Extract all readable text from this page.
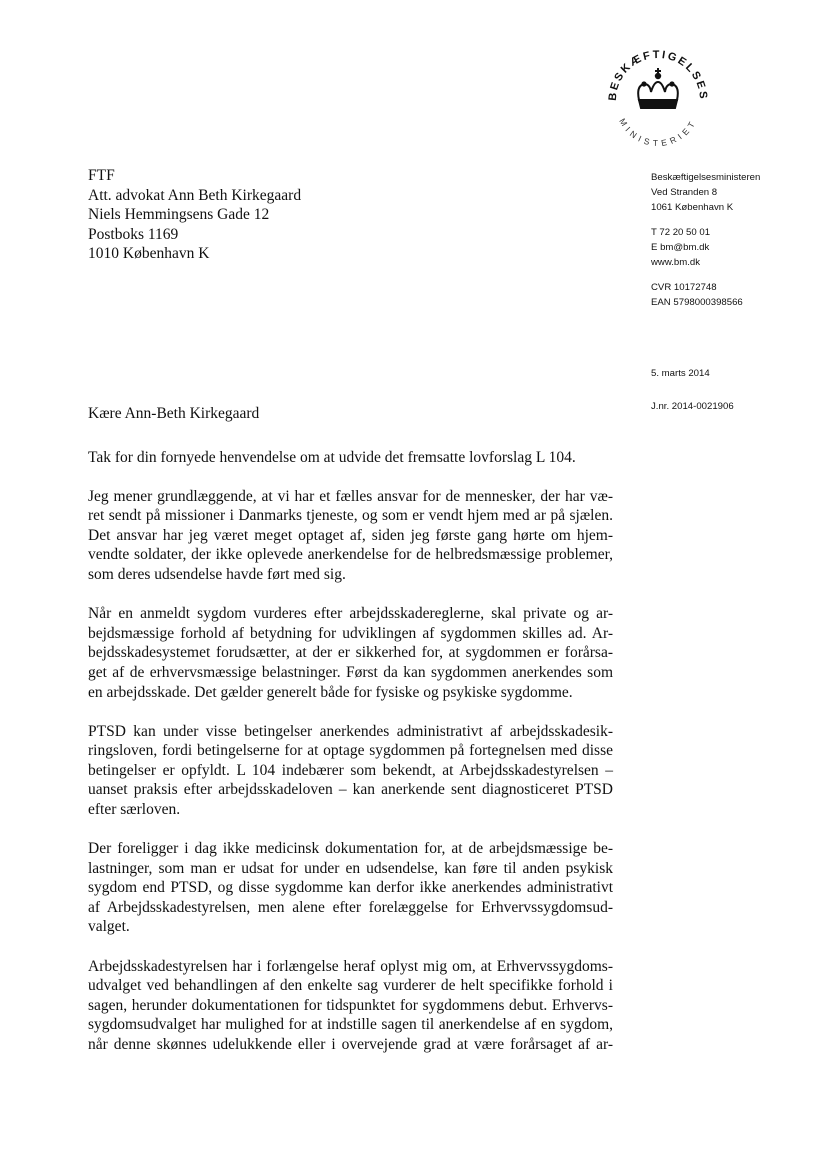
BESKÆFTIGELSES
MINISTERIET
FTF
Att. advokat Ann Beth Kirkegaard
Niels Hemmingsens Gade 12
Postboks 1169
1010 København K
Beskæftigelsesministeren
Ved Stranden 8
1061 København K
T 72 20 50 01
E bm@bm.dk
www.bm.dk
CVR 10172748
EAN 5798000398566
5. marts 2014
J.nr. 2014-0021906
Kære Ann-Beth Kirkegaard
Tak for din fornyede henvendelse om at udvide det fremsatte lovforslag L 104.
Jeg mener grundlæggende, at vi har et fælles ansvar for de mennesker, der har væ-
ret sendt på missioner i Danmarks tjeneste, og som er vendt hjem med ar på sjælen.
Det ansvar har jeg været meget optaget af, siden jeg første gang hørte om hjem-
vendte soldater, der ikke oplevede anerkendelse for de helbredsmæssige problemer,
som deres udsendelse havde ført med sig.
Når en anmeldt sygdom vurderes efter arbejdsskadereglerne, skal private og ar-
bejdsmæssige forhold af betydning for udviklingen af sygdommen skilles ad. Ar-
bejdsskadesystemet forudsætter, at der er sikkerhed for, at sygdommen er forårsa-
get af de erhvervsmæssige belastninger. Først da kan sygdommen anerkendes som
en arbejdsskade. Det gælder generelt både for fysiske og psykiske sygdomme.
PTSD kan under visse betingelser anerkendes administrativt af arbejdsskadesik-
ringsloven, fordi betingelserne for at optage sygdommen på fortegnelsen med disse
betingelser er opfyldt. L 104 indebærer som bekendt, at Arbejdsskadestyrelsen –
uanset praksis efter arbejdsskadeloven – kan anerkende sent diagnosticeret PTSD
efter særloven.
Der foreligger i dag ikke medicinsk dokumentation for, at de arbejdsmæssige be-
lastninger, som man er udsat for under en udsendelse, kan føre til anden psykisk
sygdom end PTSD, og disse sygdomme kan derfor ikke anerkendes administrativt
af Arbejdsskadestyrelsen, men alene efter forelæggelse for Erhvervssygdomsud-
valget.
Arbejdsskadestyrelsen har i forlængelse heraf oplyst mig om, at Erhvervssygdoms-
udvalget ved behandlingen af den enkelte sag vurderer de helt specifikke forhold i
sagen, herunder dokumentationen for tidspunktet for sygdommens debut. Erhvervs-
sygdomsudvalget har mulighed for at indstille sagen til anerkendelse af en sygdom,
når denne skønnes udelukkende eller i overvejende grad at være forårsaget af ar-
